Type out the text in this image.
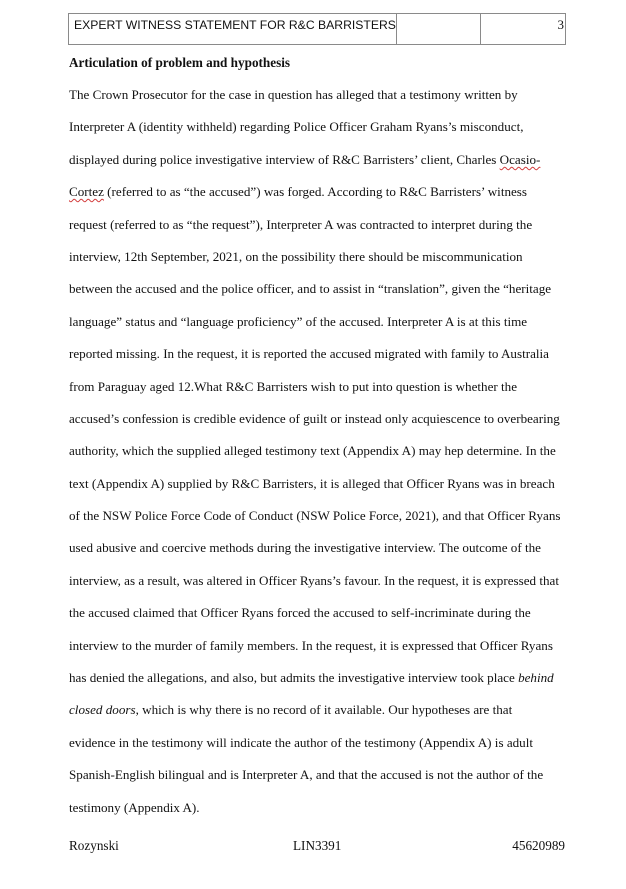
EXPERT WITNESS STATEMENT FOR R&C BARRISTERS		3

Articulation of problem and hypothesis

The Crown Prosecutor for the case in question has alleged that a testimony written by
Interpreter A (identity withheld) regarding Police Officer Graham Ryans’s misconduct,
displayed during police investigative interview of R&C Barristers’ client, Charles Ocasio-
Cortez (referred to as “the accused”) was forged. According to R&C Barristers’ witness
request (referred to as “the request”), Interpreter A was contracted to interpret during the
interview, 12th September, 2021, on the possibility there should be miscommunication
between the accused and the police officer, and to assist in “translation”, given the “heritage
language” status and “language proficiency” of the accused. Interpreter A is at this time
reported missing. In the request, it is reported the accused migrated with family to Australia
from Paraguay aged 12.What R&C Barristers wish to put into question is whether the
accused’s confession is credible evidence of guilt or instead only acquiescence to overbearing
authority, which the supplied alleged testimony text (Appendix A) may hep determine. In the
text (Appendix A) supplied by R&C Barristers, it is alleged that Officer Ryans was in breach
of the NSW Police Force Code of Conduct (NSW Police Force, 2021), and that Officer Ryans
used abusive and coercive methods during the investigative interview. The outcome of the
interview, as a result, was altered in Officer Ryans’s favour. In the request, it is expressed that
the accused claimed that Officer Ryans forced the accused to self-incriminate during the
interview to the murder of family members. In the request, it is expressed that Officer Ryans
has denied the allegations, and also, but admits the investigative interview took place behind
closed doors, which is why there is no record of it available. Our hypotheses are that
evidence in the testimony will indicate the author of the testimony (Appendix A) is adult
Spanish-English bilingual and is Interpreter A, and that the accused is not the author of the
testimony (Appendix A).

Rozynski	LIN3391	45620989
